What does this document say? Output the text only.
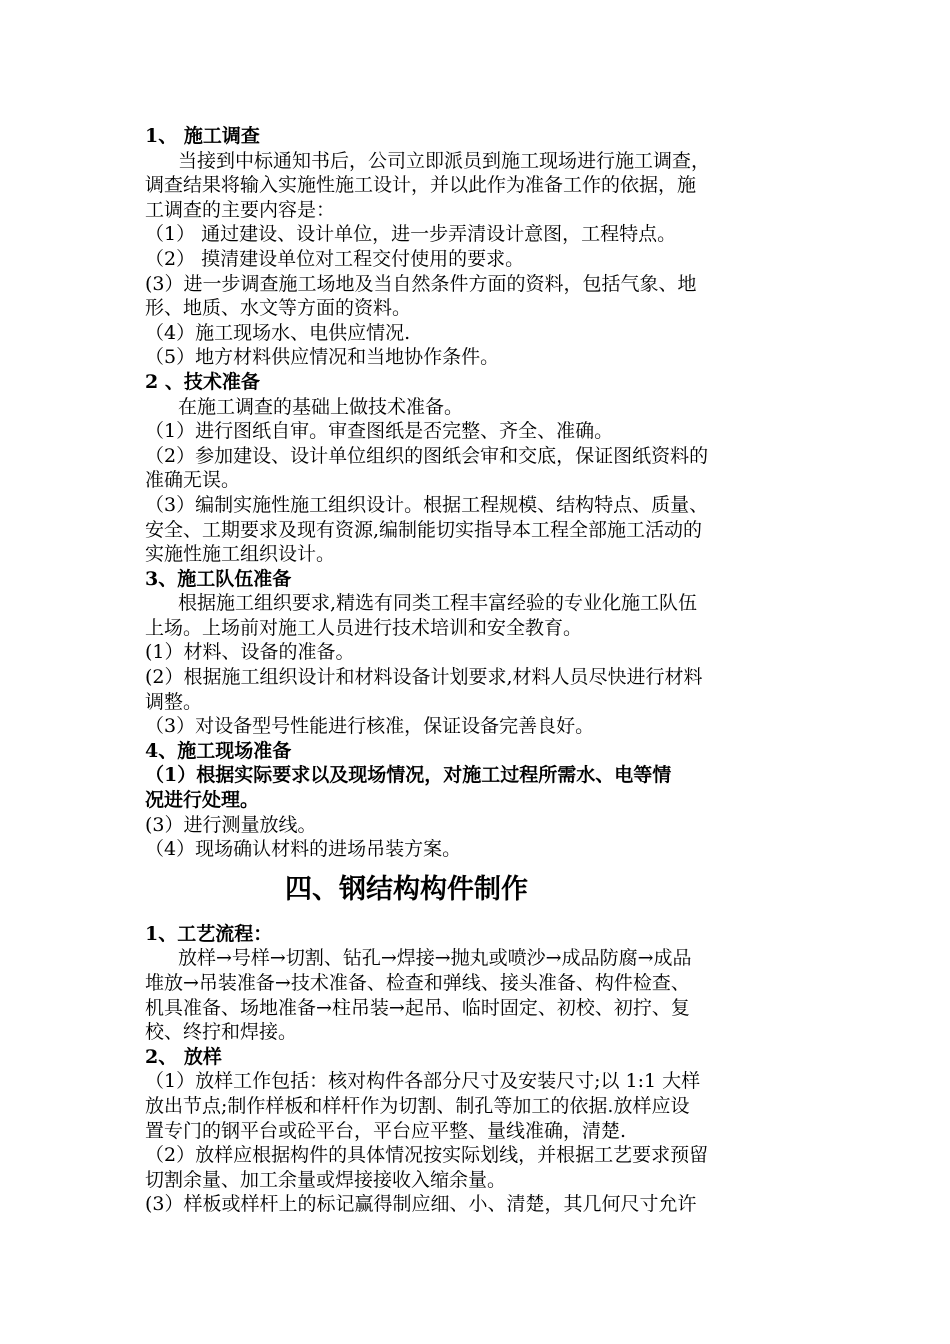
1、 施工调查
当接到中标通知书后，公司立即派员到施工现场进行施工调查，
调查结果将输入实施性施工设计，并以此作为准备工作的依据，施
工调查的主要内容是：
（1） 通过建设、设计单位，进一步弄清设计意图，工程特点。
（2） 摸清建设单位对工程交付使用的要求。
(3）进一步调查施工场地及当自然条件方面的资料，包括气象、地
形、地质、水文等方面的资料。
（4）施工现场水、电供应情况.
（5）地方材料供应情况和当地协作条件。
2 、技术准备
在施工调查的基础上做技术准备。
（1）进行图纸自审。审查图纸是否完整、齐全、准确。
（2）参加建设、设计单位组织的图纸会审和交底，保证图纸资料的
准确无误。
（3）编制实施性施工组织设计。根据工程规模、结构特点、质量、
安全、工期要求及现有资源,编制能切实指导本工程全部施工活动的
实施性施工组织设计。
3、施工队伍准备
根据施工组织要求,精选有同类工程丰富经验的专业化施工队伍
上场。上场前对施工人员进行技术培训和安全教育。
(1）材料、设备的准备。
(2）根据施工组织设计和材料设备计划要求,材料人员尽快进行材料
调整。
（3）对设备型号性能进行核准，保证设备完善良好。
4、施工现场准备
（1）根据实际要求以及现场情况，对施工过程所需水、电等情
况进行处理。
(3）进行测量放线。
（4）现场确认材料的进场吊装方案。
四、钢结构构件制作
1、工艺流程：
放样→号样→切割、钻孔→焊接→抛丸或喷沙→成品防腐→成品
堆放→吊装准备→技术准备、检查和弹线、接头准备、构件检查、
机具准备、场地准备→柱吊装→起吊、临时固定、初校、初拧、复
校、终拧和焊接。
2、 放样
（1）放样工作包括：核对构件各部分尺寸及安装尺寸;以 1:1 大样
放出节点;制作样板和样杆作为切割、制孔等加工的依据.放样应设
置专门的钢平台或砼平台，平台应平整、量线准确，清楚.
（2）放样应根据构件的具体情况按实际划线，并根据工艺要求预留
切割余量、加工余量或焊接接收入缩余量。
(3）样板或样杆上的标记赢得制应细、小、清楚，其几何尺寸允许
